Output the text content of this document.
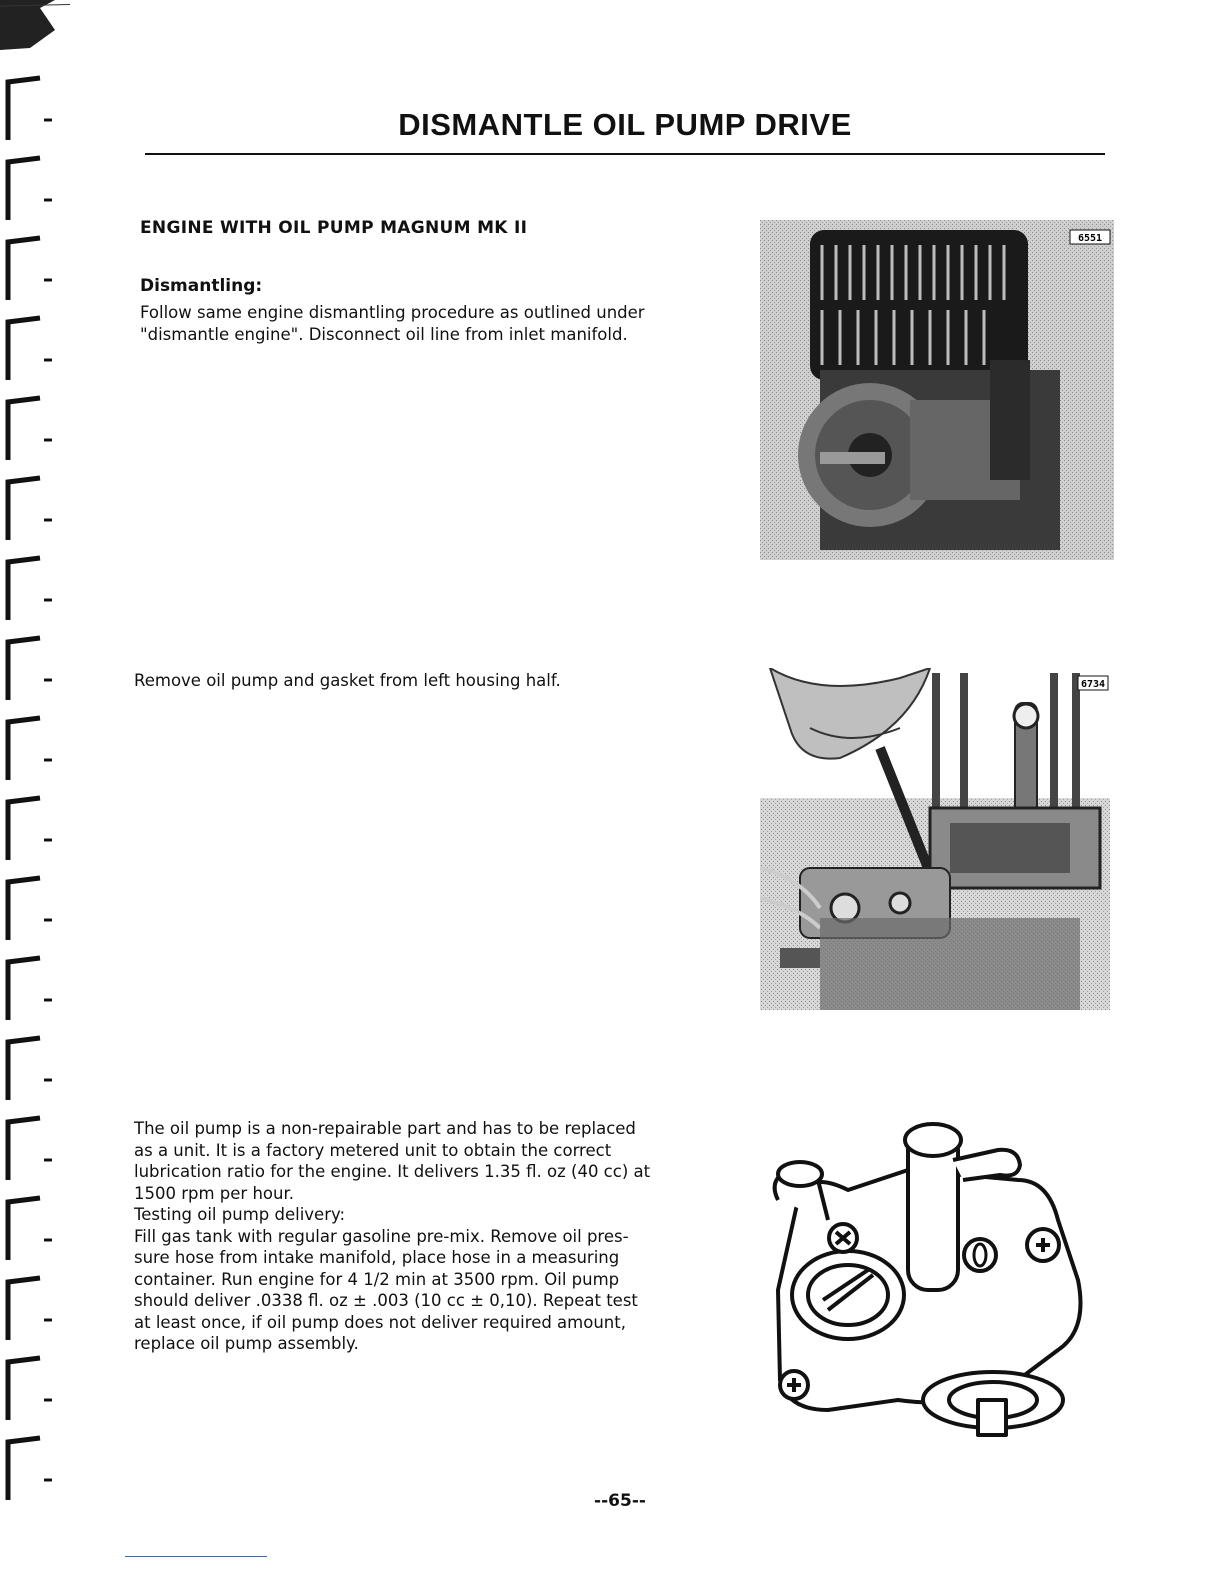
DISMANTLE OIL PUMP DRIVE
ENGINE WITH OIL PUMP MAGNUM MK II
Dismantling:

Follow same engine dismantling procedure as outlined under "dismantle engine". Disconnect oil line from inlet manifold.

Remove oil pump and gasket from left housing half.

The oil pump is a non-repairable part and has to be replaced
as a unit. It is a factory metered unit to obtain the correct
lubrication ratio for the engine. It delivers 1.35 fl. oz (40 cc) at
1500 rpm per hour.
Testing oil pump delivery:
Fill gas tank with regular gasoline pre-mix. Remove oil pres-
sure hose from intake manifold, place hose in a measuring
container. Run engine for 4 1/2 min at 3500 rpm. Oil pump
should deliver .0338 fl. oz ± .003 (10 cc ± 0,10). Repeat test
at least once, if oil pump does not deliver required amount,
replace oil pump assembly.

6551
6734
--65--
